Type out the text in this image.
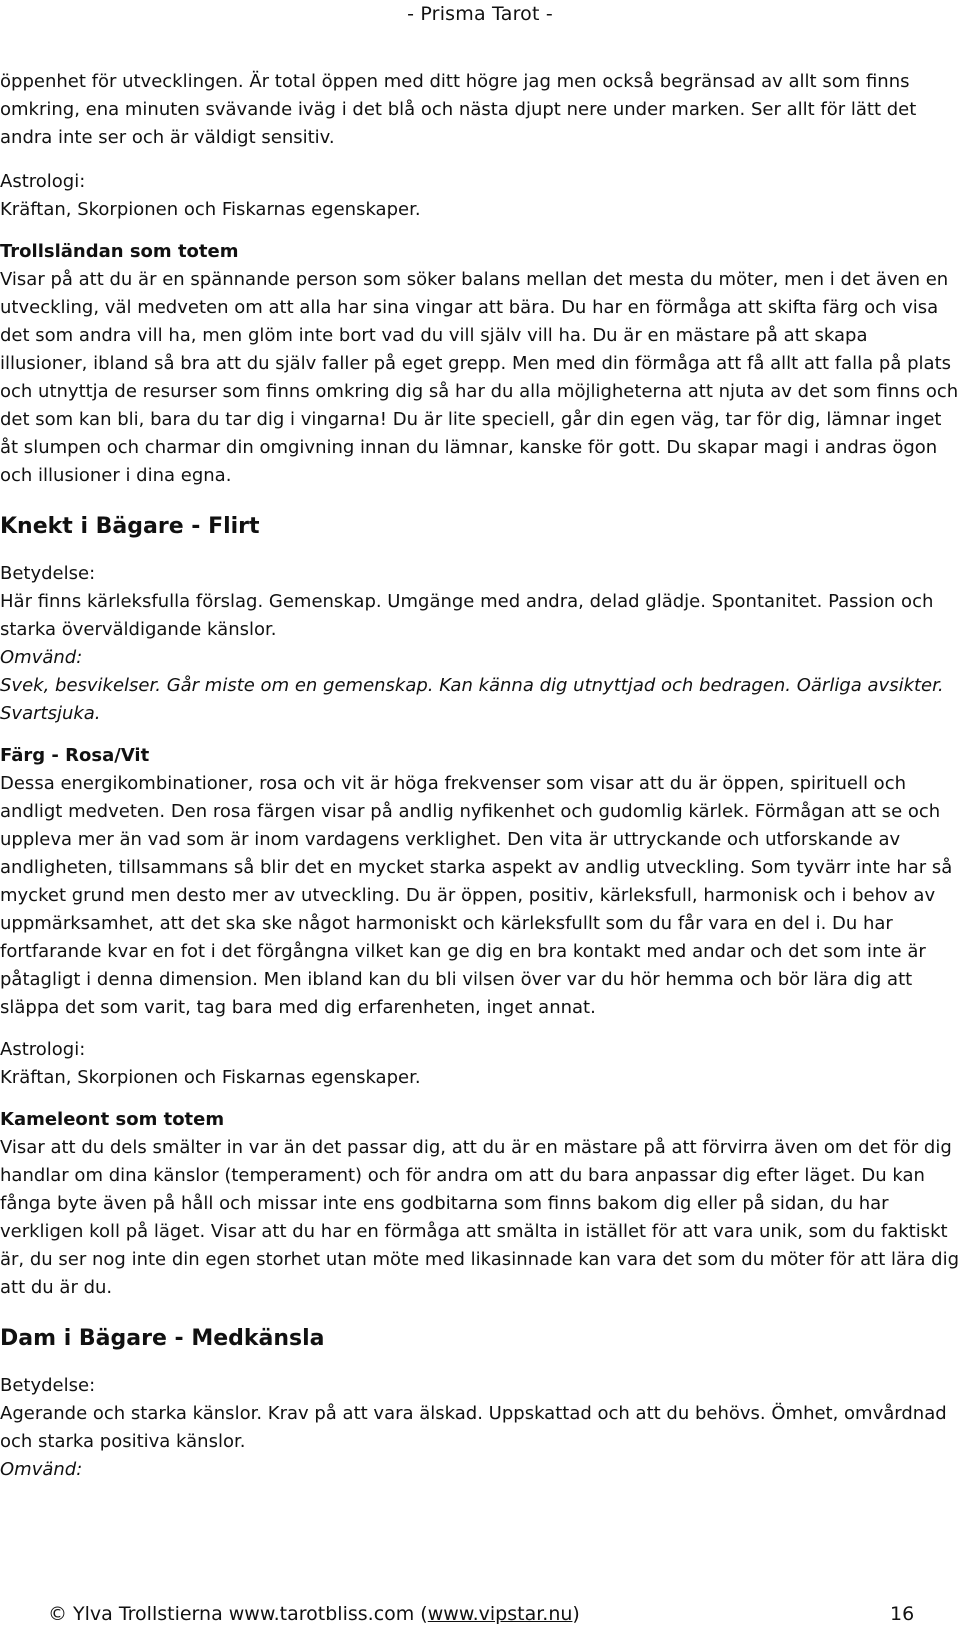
- Prisma Tarot -

öppenhet för utvecklingen. Är total öppen med ditt högre jag men också begränsad av allt som finns omkring, ena minuten svävande iväg i det blå och nästa djupt nere under marken. Ser allt för lätt det andra inte ser och är väldigt sensitiv.

Astrologi:

Kräftan, Skorpionen och Fiskarnas egenskaper.

Trollsländan som totem

Visar på att du är en spännande person som söker balans mellan det mesta du möter, men i det även en utveckling, väl medveten om att alla har sina vingar att bära. Du har en förmåga att skifta färg och visa det som andra vill ha, men glöm inte bort vad du vill själv vill ha. Du är en mästare på att skapa illusioner, ibland så bra att du själv faller på eget grepp. Men med din förmåga att få allt att falla på plats och utnyttja de resurser som finns omkring dig så har du alla möjligheterna att njuta av det som finns och det som kan bli, bara du tar dig i vingarna! Du är lite speciell, går din egen väg, tar för dig, lämnar inget åt slumpen och charmar din omgivning innan du lämnar, kanske för gott. Du skapar magi i andras ögon och illusioner i dina egna.

Knekt i Bägare - Flirt

Betydelse:

Här finns kärleksfulla förslag. Gemenskap. Umgänge med andra, delad glädje. Spontanitet. Passion och starka överväldigande känslor.

Omvänd:

Svek, besvikelser. Går miste om en gemenskap. Kan känna dig utnyttjad och bedragen. Oärliga avsikter. Svartsjuka.

Färg - Rosa/Vit

Dessa energikombinationer, rosa och vit är höga frekvenser som visar att du är öppen, spirituell och andligt medveten. Den rosa färgen visar på andlig nyfikenhet och gudomlig kärlek. Förmågan att se och uppleva mer än vad som är inom vardagens verklighet. Den vita är uttryckande och utforskande av andligheten, tillsammans så blir det en mycket starka aspekt av andlig utveckling. Som tyvärr inte har så mycket grund men desto mer av utveckling. Du är öppen, positiv, kärleksfull, harmonisk och i behov av uppmärksamhet, att det ska ske något harmoniskt och kärleksfullt som du får vara en del i. Du har fortfarande kvar en fot i det förgångna vilket kan ge dig en bra kontakt med andar och det som inte är påtagligt i denna dimension. Men ibland kan du bli vilsen över var du hör hemma och bör lära dig att släppa det som varit, tag bara med dig erfarenheten, inget annat.

Astrologi:

Kräftan, Skorpionen och Fiskarnas egenskaper.

Kameleont som totem

Visar att du dels smälter in var än det passar dig, att du är en mästare på att förvirra även om det för dig handlar om dina känslor (temperament) och för andra om att du bara anpassar dig efter läget. Du kan fånga byte även på håll och missar inte ens godbitarna som finns bakom dig eller på sidan, du har verkligen koll på läget. Visar att du har en förmåga att smälta in istället för att vara unik, som du faktiskt är, du ser nog inte din egen storhet utan möte med likasinnade kan vara det som du möter för att lära dig att du är du.

Dam i Bägare - Medkänsla

Betydelse:

Agerande och starka känslor. Krav på att vara älskad. Uppskattad och att du behövs. Ömhet, omvårdnad och starka positiva känslor.

Omvänd:

© Ylva Trollstierna www.tarotbliss.com (www.vipstar.nu)	16
